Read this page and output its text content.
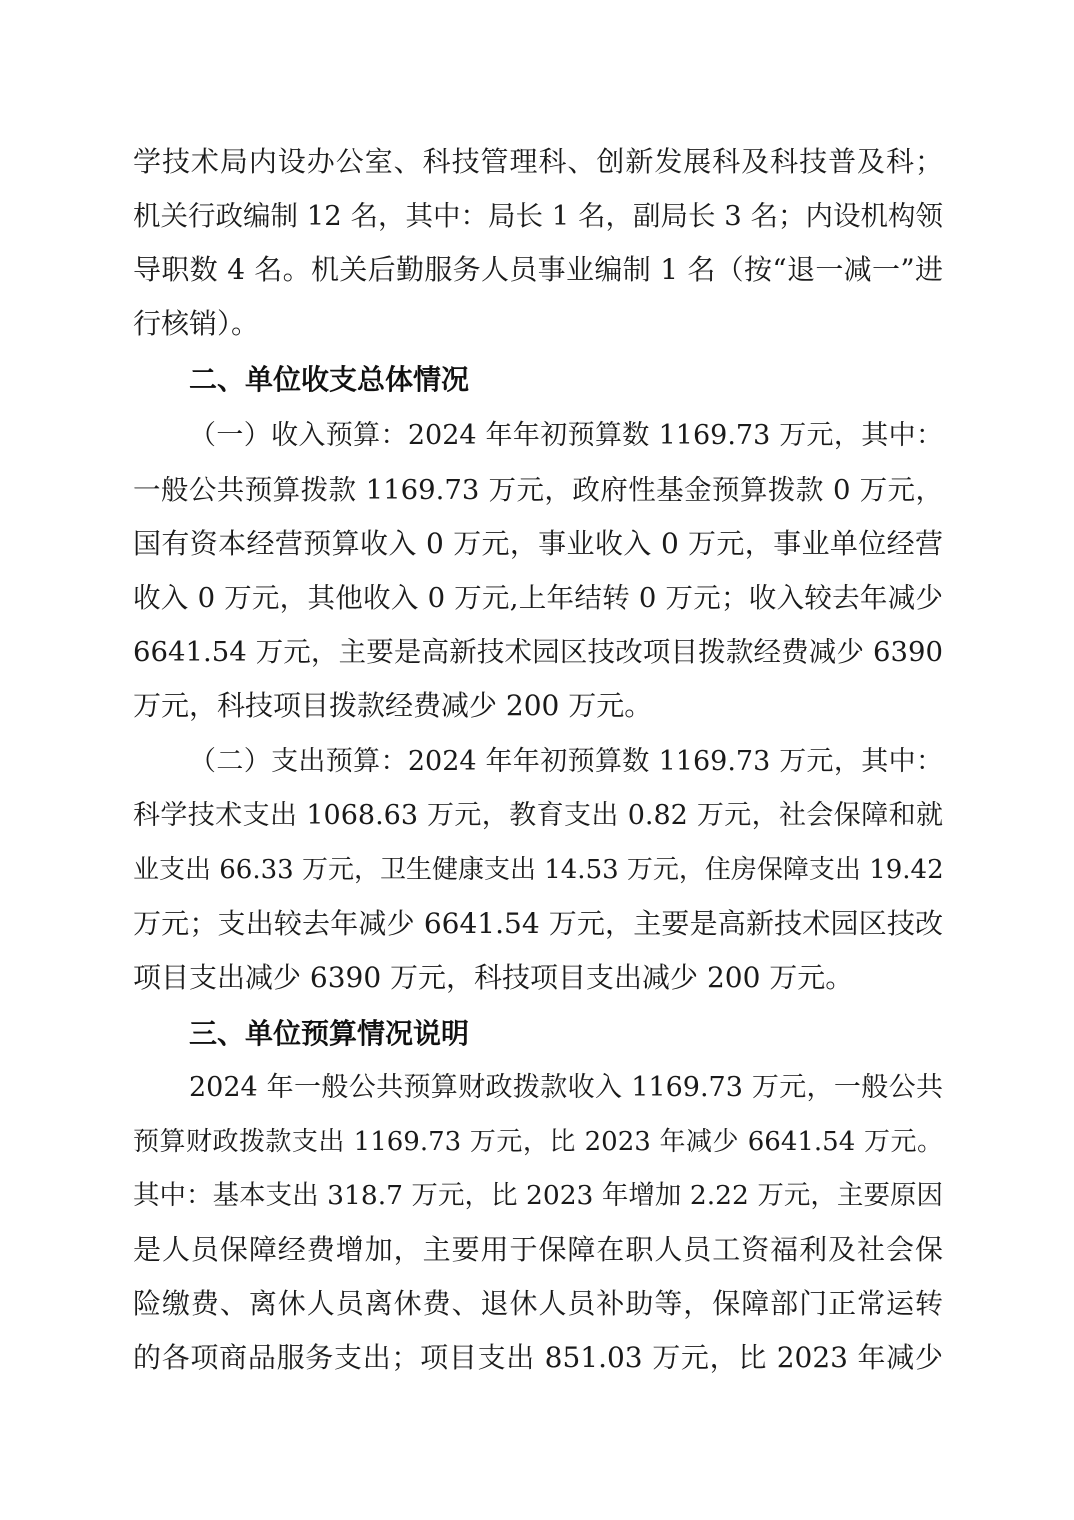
学技术局内设办公室、科技管理科、创新发展科及科技普及科；
机关行政编制 12 名，其中：局长 1 名，副局长 3 名；内设机构领
导职数 4 名。机关后勤服务人员事业编制 1 名（按“退一减一”进
行核销）。
二、单位收支总体情况
（一）收入预算：2024 年年初预算数 1169.73 万元，其中：
一般公共预算拨款 1169.73 万元，政府性基金预算拨款 0 万元，
国有资本经营预算收入 0 万元，事业收入 0 万元，事业单位经营
收入 0 万元，其他收入 0 万元,上年结转 0 万元；收入较去年减少
6641.54 万元，主要是高新技术园区技改项目拨款经费减少 6390
万元，科技项目拨款经费减少 200 万元。
（二）支出预算：2024 年年初预算数 1169.73 万元，其中：
科学技术支出 1068.63 万元，教育支出 0.82 万元，社会保障和就
业支出 66.33 万元，卫生健康支出 14.53 万元，住房保障支出 19.42
万元；支出较去年减少 6641.54 万元，主要是高新技术园区技改
项目支出减少 6390 万元，科技项目支出减少 200 万元。
三、单位预算情况说明
2024 年一般公共预算财政拨款收入 1169.73 万元，一般公共
预算财政拨款支出 1169.73 万元，比 2023 年减少 6641.54 万元。
其中：基本支出 318.7 万元，比 2023 年增加 2.22 万元，主要原因
是人员保障经费增加，主要用于保障在职人员工资福利及社会保
险缴费、离休人员离休费、退休人员补助等，保障部门正常运转
的各项商品服务支出；项目支出 851.03 万元，比 2023 年减少
